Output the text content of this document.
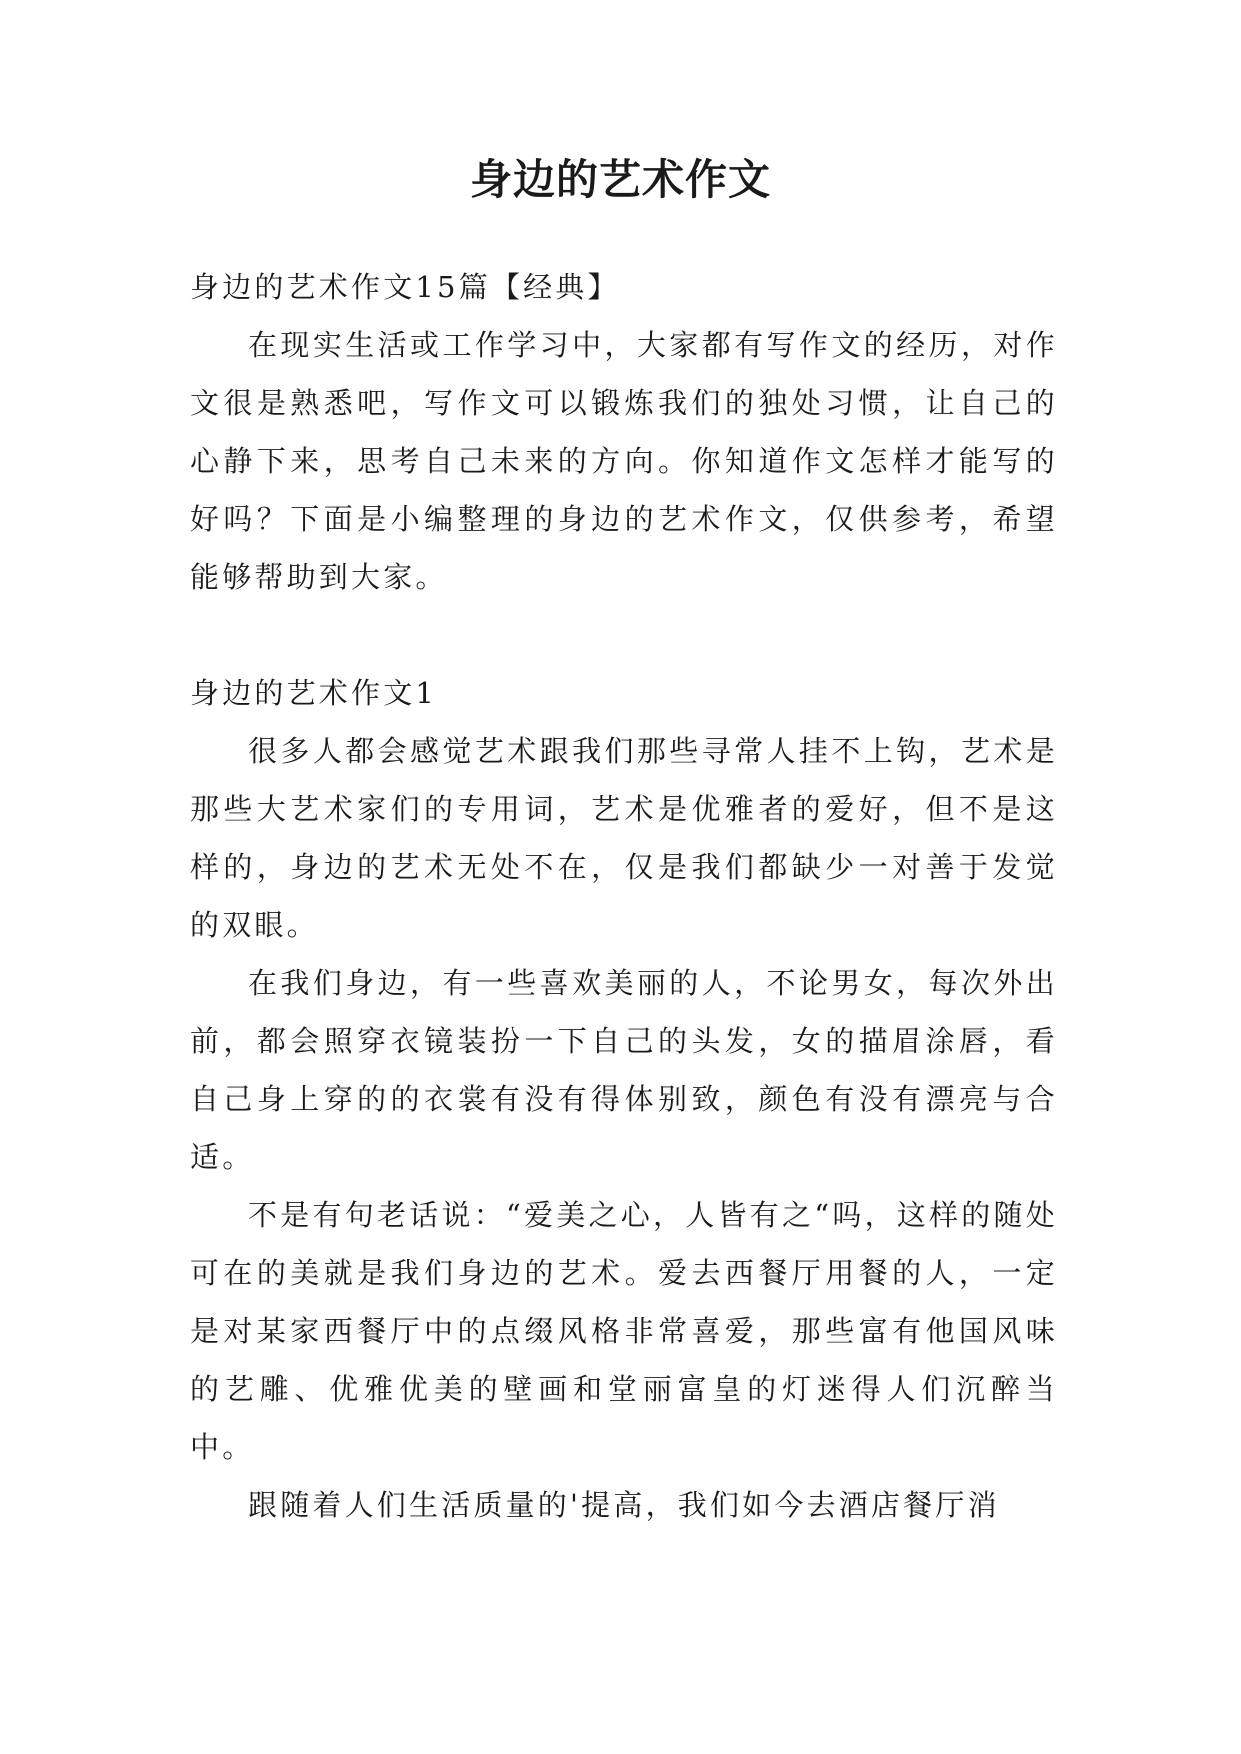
身边的艺术作文

身边的艺术作文15篇【经典】

在现实生活或工作学习中，大家都有写作文的经历，对作文很是熟悉吧，写作文可以锻炼我们的独处习惯，让自己的心静下来，思考自己未来的方向。你知道作文怎样才能写的好吗？下面是小编整理的身边的艺术作文，仅供参考，希望能够帮助到大家。

身边的艺术作文1

很多人都会感觉艺术跟我们那些寻常人挂不上钩，艺术是那些大艺术家们的专用词，艺术是优雅者的爱好，但不是这样的，身边的艺术无处不在，仅是我们都缺少一对善于发觉的双眼。

在我们身边，有一些喜欢美丽的人，不论男女，每次外出前，都会照穿衣镜装扮一下自己的头发，女的描眉涂唇，看自己身上穿的的衣裳有没有得体别致，颜色有没有漂亮与合适。

不是有句老话说：“爱美之心，人皆有之“吗，这样的随处可在的美就是我们身边的艺术。爱去西餐厅用餐的人，一定是对某家西餐厅中的点缀风格非常喜爱，那些富有他国风味的艺雕、优雅优美的壁画和堂丽富皇的灯迷得人们沉醉当中。

跟随着人们生活质量的'提高，我们如今去酒店餐厅消
